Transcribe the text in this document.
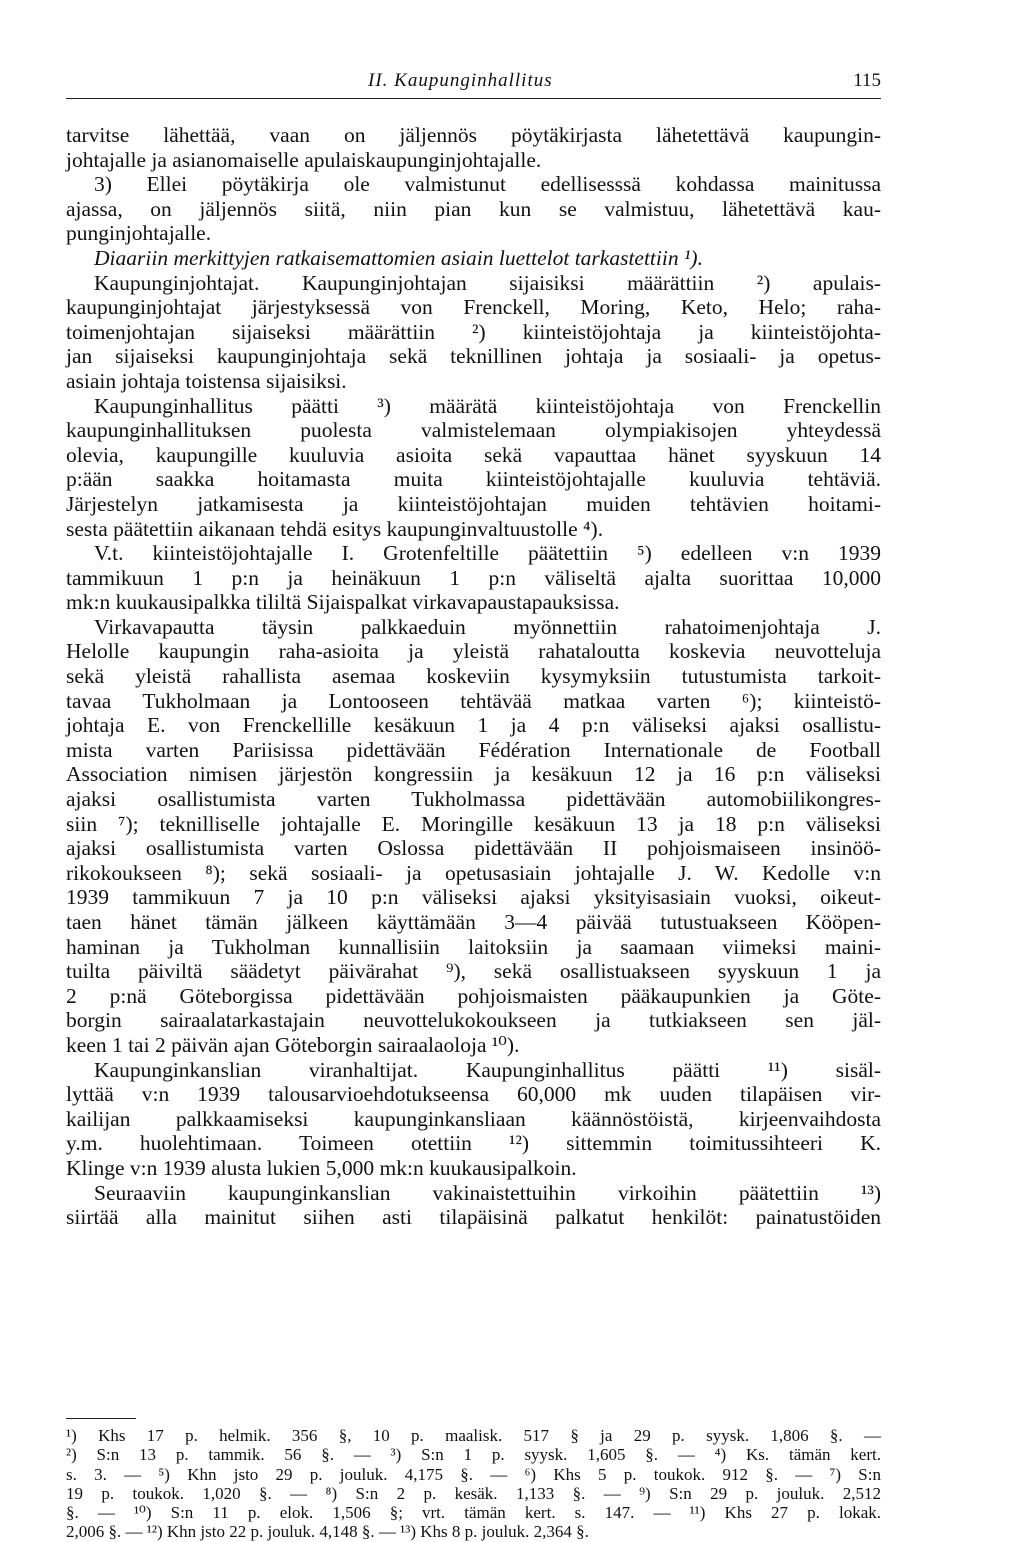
II. Kaupunginhallitus	115
tarvitse lähettää, vaan on jäljennös pöytäkirjasta lähetettävä kaupungin-
johtajalle ja asianomaiselle apulaiskaupunginjohtajalle.
3) Ellei pöytäkirja ole valmistunut edellisesssä kohdassa mainitussa
ajassa, on jäljennös siitä, niin pian kun se valmistuu, lähetettävä kau-
punginjohtajalle.
Diaariin merkittyjen ratkaisemattomien asiain luettelot tarkastettiin ¹).
Kaupunginjohtajat. Kaupunginjohtajan sijaisiksi määrättiin ²) apulais-
kaupunginjohtajat järjestyksessä von Frenckell, Moring, Keto, Helo; raha-
toimenjohtajan sijaiseksi määrättiin ²) kiinteistöjohtaja ja kiinteistöjohta-
jan sijaiseksi kaupunginjohtaja sekä teknillinen johtaja ja sosiaali- ja opetus-
asiain johtaja toistensa sijaisiksi.
Kaupunginhallitus päätti ³) määrätä kiinteistöjohtaja von Frenckellin
kaupunginhallituksen puolesta valmistelemaan olympiakisojen yhteydessä
olevia, kaupungille kuuluvia asioita sekä vapauttaa hänet syyskuun 14
p:ään saakka hoitamasta muita kiinteistöjohtajalle kuuluvia tehtäviä.
Järjestelyn jatkamisesta ja kiinteistöjohtajan muiden tehtävien hoitami-
sesta päätettiin aikanaan tehdä esitys kaupunginvaltuustolle ⁴).
V.t. kiinteistöjohtajalle I. Grotenfeltille päätettiin ⁵) edelleen v:n 1939
tammikuun 1 p:n ja heinäkuun 1 p:n väliseltä ajalta suorittaa 10,000
mk:n kuukausipalkka tililtä Sijaispalkat virkavapaustapauksissa.
Virkavapautta täysin palkkaeduin myönnettiin rahatoimenjohtaja J.
Helolle kaupungin raha-asioita ja yleistä rahataloutta koskevia neuvotteluja
sekä yleistä rahallista asemaa koskeviin kysymyksiin tutustumista tarkoit-
tavaa Tukholmaan ja Lontooseen tehtävää matkaa varten ⁶); kiinteistö-
johtaja E. von Frenckellille kesäkuun 1 ja 4 p:n väliseksi ajaksi osallistu-
mista varten Pariisissa pidettävään Fédération Internationale de Football
Association nimisen järjestön kongressiin ja kesäkuun 12 ja 16 p:n väliseksi
ajaksi osallistumista varten Tukholmassa pidettävään automobiilikongres-
siin ⁷); teknilliselle johtajalle E. Moringille kesäkuun 13 ja 18 p:n väliseksi
ajaksi osallistumista varten Oslossa pidettävään II pohjoismaiseen insinöö-
rikokoukseen ⁸); sekä sosiaali- ja opetusasiain johtajalle J. W. Kedolle v:n
1939 tammikuun 7 ja 10 p:n väliseksi ajaksi yksityisasiain vuoksi, oikeut-
taen hänet tämän jälkeen käyttämään 3—4 päivää tutustuakseen Kööpen-
haminan ja Tukholman kunnallisiin laitoksiin ja saamaan viimeksi maini-
tuilta päiviltä säädetyt päivärahat ⁹), sekä osallistuakseen syyskuun 1 ja
2 p:nä Göteborgissa pidettävään pohjoismaisten pääkaupunkien ja Göte-
borgin sairaalatarkastajain neuvottelukokoukseen ja tutkiakseen sen jäl-
keen 1 tai 2 päivän ajan Göteborgin sairaalaoloja ¹⁰).
Kaupunginkanslian viranhaltijat. Kaupunginhallitus päätti ¹¹) sisäl-
lyttää v:n 1939 talousarvioehdotukseensa 60,000 mk uuden tilapäisen vir-
kailijan palkkaamiseksi kaupunginkansliaan käännöstöistä, kirjeenvaihdosta
y.m. huolehtimaan. Toimeen otettiin ¹²) sittemmin toimitussihteeri K.
Klinge v:n 1939 alusta lukien 5,000 mk:n kuukausipalkoin.
Seuraaviin kaupunginkanslian vakinaistettuihin virkoihin päätettiin ¹³)
siirtää alla mainitut siihen asti tilapäisinä palkatut henkilöt: painatustöiden
¹) Khs 17 p. helmik. 356 §, 10 p. maalisk. 517 § ja 29 p. syysk. 1,806 §. —
²) S:n 13 p. tammik. 56 §. — ³) S:n 1 p. syysk. 1,605 §. — ⁴) Ks. tämän kert.
s. 3. — ⁵) Khn jsto 29 p. jouluk. 4,175 §. — ⁶) Khs 5 p. toukok. 912 §. — ⁷) S:n
19 p. toukok. 1,020 §. — ⁸) S:n 2 p. kesäk. 1,133 §. — ⁹) S:n 29 p. jouluk. 2,512
§. — ¹⁰) S:n 11 p. elok. 1,506 §; vrt. tämän kert. s. 147. — ¹¹) Khs 27 p. lokak.
2,006 §. — ¹²) Khn jsto 22 p. jouluk. 4,148 §. — ¹³) Khs 8 p. jouluk. 2,364 §.
